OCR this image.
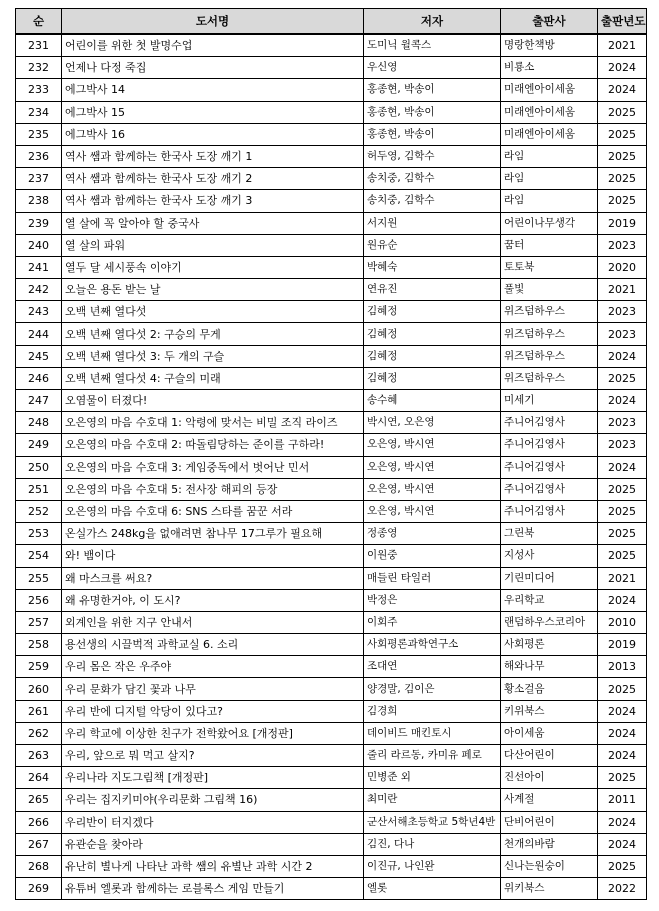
순	도서명	저자	출판사	출판년도
231	어린이를 위한 첫 발명수업	도미닉 윌콕스	명랑한책방	2021
232	언제나 다정 죽집	우신영	비룡소	2024
233	에그박사 14	홍종현, 박송이	미래엔아이세움	2024
234	에그박사 15	홍종현, 박송이	미래엔아이세움	2025
235	에그박사 16	홍종현, 박송이	미래엔아이세움	2025
236	역사 쌤과 함께하는 한국사 도장 깨기 1	허두영, 김학수	라임	2025
237	역사 쌤과 함께하는 한국사 도장 깨기 2	송치중, 김학수	라임	2025
238	역사 쌤과 함께하는 한국사 도장 깨기 3	송치중, 김학수	라임	2025
239	열 살에 꼭 알아야 할 중국사	서지원	어린이나무생각	2019
240	열 살의 파워	원유순	꿈터	2023
241	열두 달 세시풍속 이야기	박혜숙	토토북	2020
242	오늘은 용돈 받는 날	연유진	풀빛	2021
243	오백 년째 열다섯	김혜정	위즈덤하우스	2023
244	오백 년째 열다섯 2: 구승의 무게	김혜정	위즈덤하우스	2023
245	오백 년째 열다섯 3: 두 개의 구슬	김혜정	위즈덤하우스	2024
246	오백 년째 열다섯 4: 구슬의 미래	김혜정	위즈덤하우스	2025
247	오염물이 터졌다!	송수혜	미세기	2024
248	오은영의 마음 수호대 1: 악령에 맞서는 비밀 조직 라이즈	박시연, 오은영	주니어김영사	2023
249	오은영의 마음 수호대 2: 따돌림당하는 준이를 구하라!	오은영, 박시연	주니어김영사	2023
250	오은영의 마음 수호대 3: 게임중독에서 벗어난 민서	오은영, 박시연	주니어김영사	2024
251	오은영의 마음 수호대 5: 전사장 해피의 등장	오은영, 박시연	주니어김영사	2025
252	오은영의 마음 수호대 6: SNS 스타를 꿈꾼 서라	오은영, 박시연	주니어김영사	2025
253	온실가스 248kg을 없애려면 참나무 17그루가 필요해	정종영	그린북	2025
254	와! 뱀이다	이원중	지성사	2025
255	왜 마스크를 써요?	매들린 타일러	기린미디어	2021
256	왜 유명한거야, 이 도시?	박정은	우리학교	2024
257	외계인을 위한 지구 안내서	이회주	랜덤하우스코리아	2010
258	용선생의 시끌벅적 과학교실 6. 소리	사회평론과학연구소	사회평론	2019
259	우리 몸은 작은 우주야	조대연	해와나무	2013
260	우리 문화가 담긴 꽃과 나무	양경말, 김이은	황소걸음	2025
261	우리 반에 디지털 악당이 있다고?	김경희	키위북스	2024
262	우리 학교에 이상한 친구가 전학왔어요 [개정판]	데이비드 매킨토시	아이세움	2024
263	우리, 앞으로 뭐 먹고 살지?	줄리 라르동, 카미유 페로	다산어린이	2024
264	우리나라 지도그림책 [개정판]	민병준 외	진선아이	2025
265	우리는 집지키미야(우리문화 그림책 16)	최미란	사계절	2011
266	우리반이 터지겠다	군산서해초등학교 5학년4반	단비어린이	2024
267	유관순을 찾아라	김진, 다나	천개의바람	2024
268	유난히 별나게 나타난 과학 쌤의 유별난 과학 시간 2	이진규, 나인완	신나는원숭이	2025
269	유튜버 엘롯과 함께하는 로블록스 게임 만들기	엘롯	위키북스	2022
